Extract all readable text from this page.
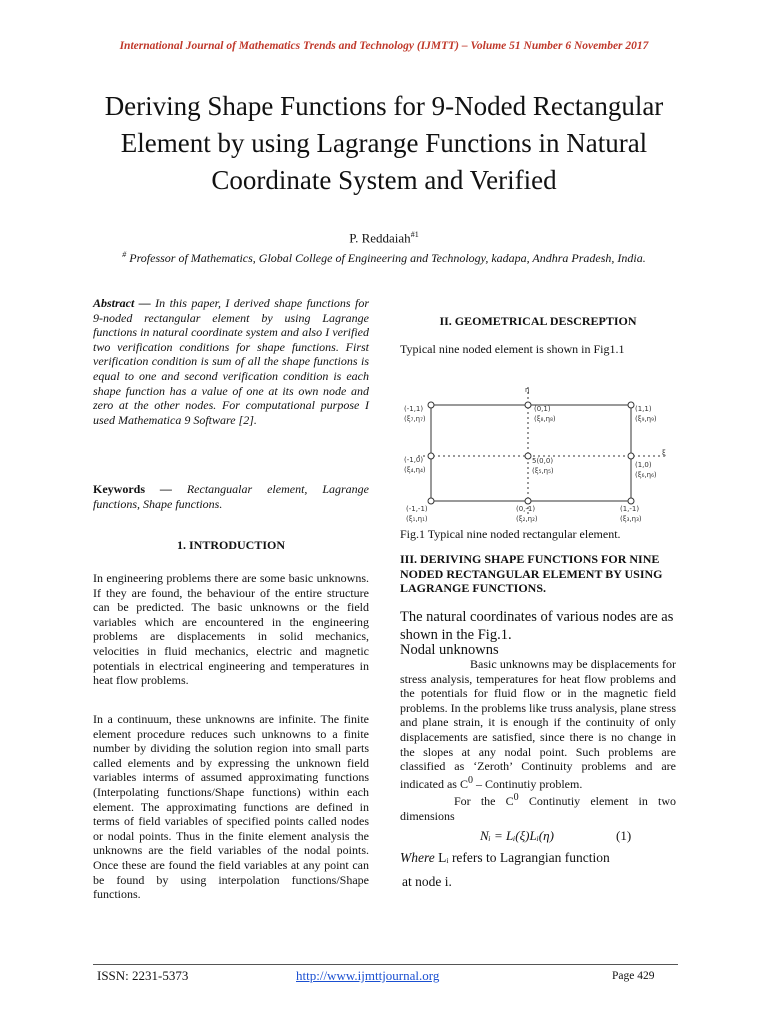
International Journal of Mathematics Trends and Technology (IJMTT) – Volume 51 Number 6 November 2017
Deriving Shape Functions for 9-Noded Rectangular Element by using Lagrange Functions in Natural Coordinate System and Verified
P. Reddaiah$^{\#1}$
# Professor of Mathematics, Global College of Engineering and Technology, kadapa, Andhra Pradesh, India.
Abstract — In this paper, I derived shape functions for 9-noded rectangular element by using Lagrange functions in natural coordinate system and also I verified two verification conditions for shape functions. First verification condition is sum of all the shape functions is equal to one and second verification condition is each shape function has a value of one at its own node and zero at the other nodes. For computational purpose I used Mathematica 9 Software [2].
Keywords — Rectangualar element, Lagrange functions, Shape functions.
1. INTRODUCTION
In engineering problems there are some basic unknowns. If they are found, the behaviour of the entire structure can be predicted. The basic unknowns or the field variables which are encountered in the engineering problems are displacements in solid mechanics, velocities in fluid mechanics, electric and magnetic potentials in electrical engineering and temperatures in heat flow problems.
In a continuum, these unknowns are infinite. The finite element procedure reduces such unknowns to a finite number by dividing the solution region into small parts called elements and by expressing the unknown field variables interms of assumed approximating functions (Interpolating functions/Shape functions) within each element. The approximating functions are defined in terms of field variables of specified points called nodes or nodal points. Thus in the finite element analysis the unknowns are the field variables of the nodal points. Once these are found the field variables at any point can be found by using interpolation functions/Shape functions.
II. GEOMETRICAL DESCREPTION
Typical nine noded element is shown in Fig1.1
η
ξ
(-1,1)
(ξ₇,η₇)
(0,1)
(ξ₈,η₈)
(1,1)
(ξ₉,η₉)
(-1,0)
(ξ₄,η₄)
5(0,0)
(ξ₅,η₅)
(1,0)
(ξ₆,η₆)
(-1,-1)
(ξ₁,η₁)
(0,-1)
(ξ₂,η₂)
(1,-1)
(ξ₃,η₃)
Fig.1 Typical nine noded rectangular element.
III. DERIVING SHAPE FUNCTIONS FOR NINE NODED RECTANGULAR ELEMENT BY USING LAGRANGE FUNCTIONS.
The natural coordinates of various nodes are as shown in the Fig.1.
Nodal unknowns
Basic unknowns may be displacements for stress analysis, temperatures for heat flow problems and the potentials for fluid flow or in the magnetic field problems. In the problems like truss analysis, plane stress and plane strain, it is enough if the continuity of only displacements are satisfied, since there is no change in the slopes at any nodal point. Such problems are classified as ‘Zeroth’ Continuity problems and are indicated as $C^0$ – Continutiy problem.
For the $C^0$ Continutiy element in two dimensions
Nᵢ = Lᵢ(ξ)Lᵢ(η)	(1)
Where Lᵢ refers to Lagrangian function
at node i.
ISSN: 2231-5373	http://www.ijmttjournal.org	Page 429
